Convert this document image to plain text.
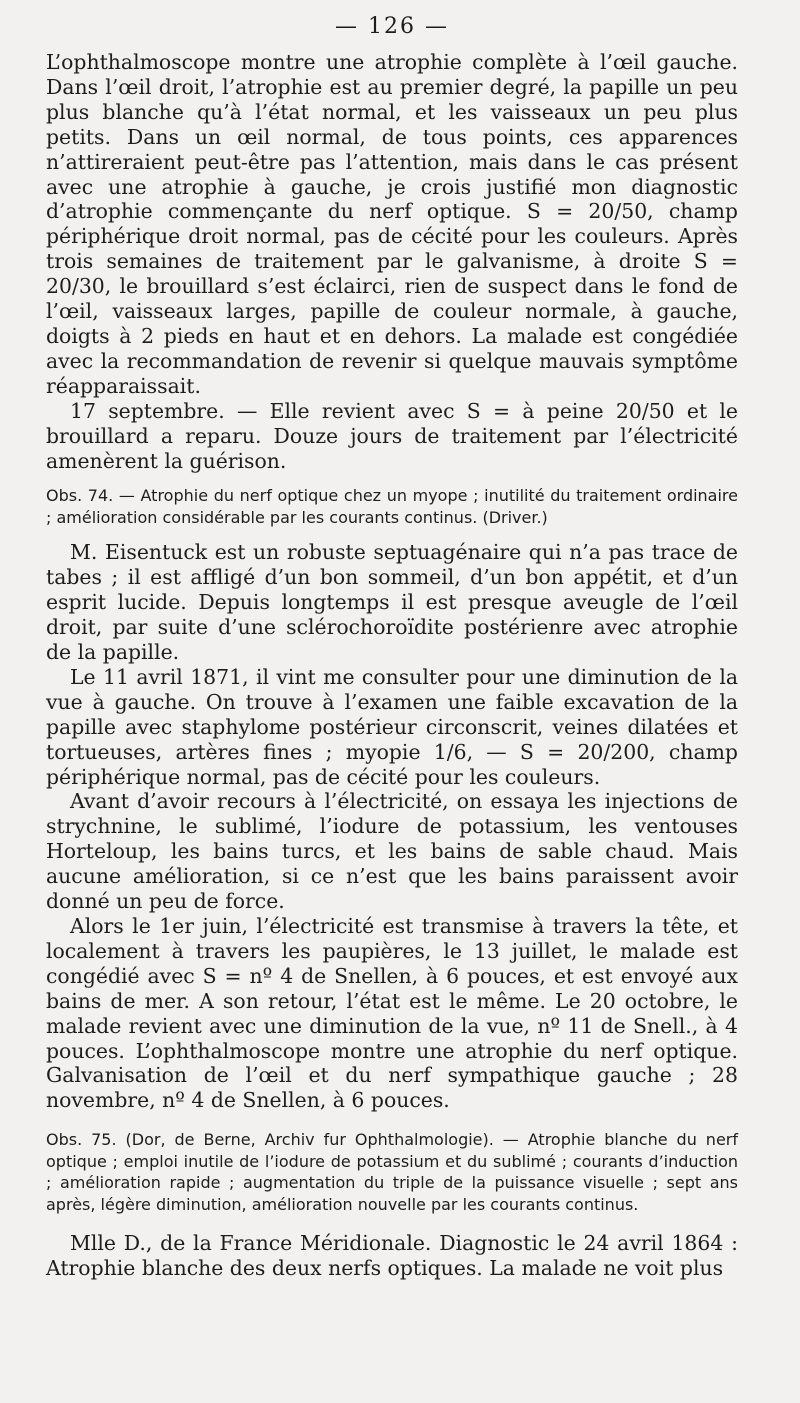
— 126 —

L’ophthalmoscope montre une atrophie complète à l’œil gauche. Dans l’œil droit, l’atrophie est au premier degré, la papille un peu plus blanche qu’à l’état normal, et les vaisseaux un peu plus petits. Dans un œil normal, de tous points, ces apparences n’attireraient peut-être pas l’attention, mais dans le cas présent avec une atrophie à gauche, je crois justifié mon diagnostic d’atrophie commençante du nerf optique. S = 20/50, champ périphérique droit normal, pas de cécité pour les couleurs. Après trois semaines de traitement par le galvanisme, à droite S = 20/30, le brouillard s’est éclairci, rien de suspect dans le fond de l’œil, vaisseaux larges, papille de couleur normale, à gauche, doigts à 2 pieds en haut et en dehors. La malade est congédiée avec la recommandation de revenir si quelque mauvais symptôme réapparaissait.

17 septembre. — Elle revient avec S = à peine 20/50 et le brouillard a reparu. Douze jours de traitement par l’électricité amenèrent la guérison.

Obs. 74. — Atrophie du nerf optique chez un myope ; inutilité du traitement ordinaire ; amélioration considérable par les courants continus. (Driver.)

M. Eisentuck est un robuste septuagénaire qui n’a pas trace de tabes ; il est affligé d’un bon sommeil, d’un bon appétit, et d’un esprit lucide. Depuis longtemps il est presque aveugle de l’œil droit, par suite d’une sclérochoroïdite postérienre avec atrophie de la papille.

Le 11 avril 1871, il vint me consulter pour une diminution de la vue à gauche. On trouve à l’examen une faible excavation de la papille avec staphylome postérieur circonscrit, veines dilatées et tortueuses, artères fines ; myopie 1/6, — S = 20/200, champ périphérique normal, pas de cécité pour les couleurs.

Avant d’avoir recours à l’électricité, on essaya les injections de strychnine, le sublimé, l’iodure de potassium, les ventouses Horteloup, les bains turcs, et les bains de sable chaud. Mais aucune amélioration, si ce n’est que les bains paraissent avoir donné un peu de force.

Alors le 1er juin, l’électricité est transmise à travers la tête, et localement à travers les paupières, le 13 juillet, le malade est congédié avec S = nº 4 de Snellen, à 6 pouces, et est envoyé aux bains de mer. A son retour, l’état est le même. Le 20 octobre, le malade revient avec une diminution de la vue, nº 11 de Snell., à 4 pouces. L’ophthalmoscope montre une atrophie du nerf optique. Galvanisation de l’œil et du nerf sympathique gauche ; 28 novembre, nº 4 de Snellen, à 6 pouces.

Obs. 75. (Dor, de Berne, Archiv fur Ophthalmologie). — Atrophie blanche du nerf optique ; emploi inutile de l’iodure de potassium et du sublimé ; courants d’induction ; amélioration rapide ; augmentation du triple de la puissance visuelle ; sept ans après, légère diminution, amélioration nouvelle par les courants continus.

Mlle D., de la France Méridionale. Diagnostic le 24 avril 1864 : Atrophie blanche des deux nerfs optiques. La malade ne voit plus
